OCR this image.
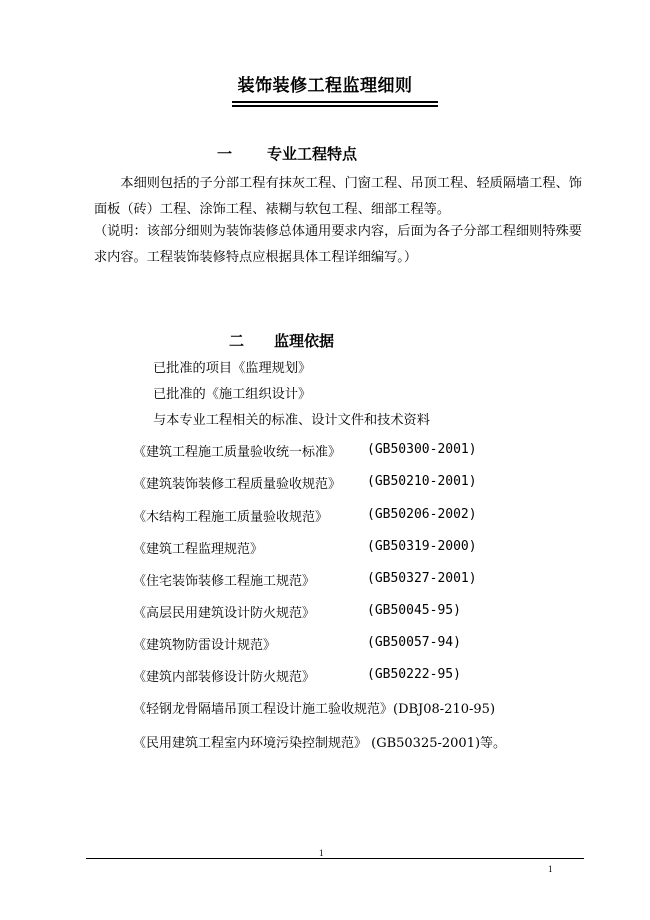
装饰装修工程监理细则
一 专业工程特点
本细则包括的子分部工程有抹灰工程、门窗工程、吊顶工程、轻质隔墙工程、饰面板（砖）工程、涂饰工程、裱糊与软包工程、细部工程等。
（说明：该部分细则为装饰装修总体通用要求内容，后面为各子分部工程细则特殊要求内容。工程装饰装修特点应根据具体工程详细编写。）
二 监理依据
已批准的项目《监理规划》
已批准的《施工组织设计》
与本专业工程相关的标准、设计文件和技术资料
《建筑工程施工质量验收统一标准》 (GB50300-2001)
《建筑装饰装修工程质量验收规范》 (GB50210-2001)
《木结构工程施工质量验收规范》	(GB50206-2002)
《建筑工程监理规范》	(GB50319-2000)
《住宅装饰装修工程施工规范》	(GB50327-2001)
《高层民用建筑设计防火规范》	(GB50045-95)
《建筑物防雷设计规范》	(GB50057-94)
《建筑内部装修设计防火规范》	(GB50222-95)
《轻钢龙骨隔墙吊顶工程设计施工验收规范》(DBJ08-210-95)
《民用建筑工程室内环境污染控制规范》 (GB50325-2001)等。
1
1
